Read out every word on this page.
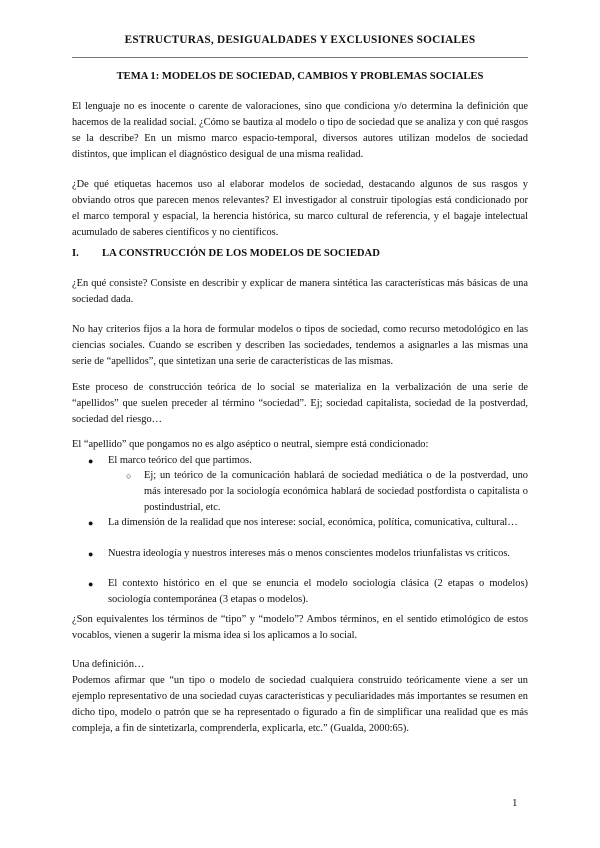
ESTRUCTURAS, DESIGUALDADES Y EXCLUSIONES SOCIALES
TEMA 1: MODELOS DE SOCIEDAD, CAMBIOS Y PROBLEMAS SOCIALES

El lenguaje no es inocente o carente de valoraciones, sino que condiciona y/o determina la definición que hacemos de la realidad social. ¿Cómo se bautiza al modelo o tipo de sociedad que se analiza y con qué rasgos se la describe? En un mismo marco espacio-temporal, diversos autores utilizan modelos de sociedad distintos, que implican el diagnóstico desigual de una misma realidad.

¿De qué etiquetas hacemos uso al elaborar modelos de sociedad, destacando algunos de sus rasgos y obviando otros que parecen menos relevantes? El investigador al construir tipologías está condicionado por el marco temporal y espacial, la herencia histórica, su marco cultural de referencia, y el bagaje intelectual acumulado de saberes científicos y no científicos.

I. LA CONSTRUCCIÓN DE LOS MODELOS DE SOCIEDAD

¿En qué consiste? Consiste en describir y explicar de manera sintética las características más básicas de una sociedad dada.

No hay criterios fijos a la hora de formular modelos o tipos de sociedad, como recurso metodológico en las ciencias sociales. Cuando se escriben y describen las sociedades, tendemos a asignarles a las mismas una serie de “apellidos”, que sintetizan una serie de características de las mismas.

Este proceso de construcción teórica de lo social se materializa en la verbalización de una serie de “apellidos” que suelen preceder al término “sociedad”. Ej; sociedad capitalista, sociedad de la postverdad, sociedad del riesgo…

El “apellido” que pongamos no es algo aséptico o neutral, siempre está condicionado:

● El marco teórico del que partimos.
○ Ej; un teórico de la comunicación hablará de sociedad mediática o de la postverdad, uno más interesado por la sociología económica hablará de sociedad postfordista o capitalista o postindustrial, etc.
● La dimensión de la realidad que nos interese: social, económica, política, comunicativa, cultural…
● Nuestra ideología y nuestros intereses más o menos conscientes modelos triunfalistas vs críticos.
● El contexto histórico en el que se enuncia el modelo sociología clásica (2 etapas o modelos) sociología contemporánea (3 etapas o modelos).

¿Son equivalentes los términos de “tipo” y “modelo”? Ambos términos, en el sentido etimológico de estos vocablos, vienen a sugerir la misma idea si los aplicamos a lo social.

Una definición…

Podemos afirmar que “un tipo o modelo de sociedad cualquiera construido teóricamente viene a ser un ejemplo representativo de una sociedad cuyas características y peculiaridades más importantes se resumen en dicho tipo, modelo o patrón que se ha representado o figurado a fin de simplificar una realidad que es más compleja, a fin de sintetizarla, comprenderla, explicarla, etc.” (Gualda, 2000:65).

1
